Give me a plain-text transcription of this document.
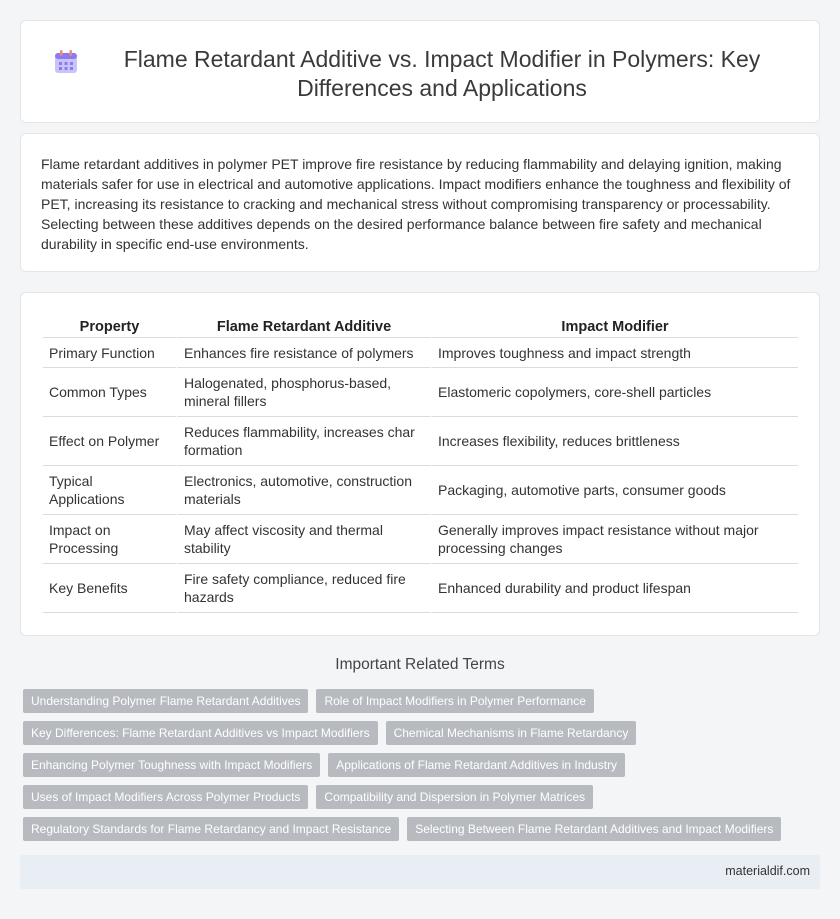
Flame Retardant Additive vs. Impact Modifier in Polymers: Key Differences and Applications

Flame retardant additives in polymer PET improve fire resistance by reducing flammability and delaying ignition, making materials safer for use in electrical and automotive applications. Impact modifiers enhance the toughness and flexibility of PET, increasing its resistance to cracking and mechanical stress without compromising transparency or processability. Selecting between these additives depends on the desired performance balance between fire safety and mechanical durability in specific end-use environments.

Property	Flame Retardant Additive	Impact Modifier
Primary Function	Enhances fire resistance of polymers	Improves toughness and impact strength
Common Types	Halogenated, phosphorus-based, mineral fillers	Elastomeric copolymers, core-shell particles
Effect on Polymer	Reduces flammability, increases char formation	Increases flexibility, reduces brittleness
Typical Applications	Electronics, automotive, construction materials	Packaging, automotive parts, consumer goods
Impact on Processing	May affect viscosity and thermal stability	Generally improves impact resistance without major processing changes
Key Benefits	Fire safety compliance, reduced fire hazards	Enhanced durability and product lifespan
Important Related Terms
Understanding Polymer Flame Retardant Additives	Role of Impact Modifiers in Polymer Performance
Key Differences: Flame Retardant Additives vs Impact Modifiers	Chemical Mechanisms in Flame Retardancy
Enhancing Polymer Toughness with Impact Modifiers	Applications of Flame Retardant Additives in Industry
Uses of Impact Modifiers Across Polymer Products	Compatibility and Dispersion in Polymer Matrices
Regulatory Standards for Flame Retardancy and Impact Resistance	Selecting Between Flame Retardant Additives and Impact Modifiers
materialdif.com
